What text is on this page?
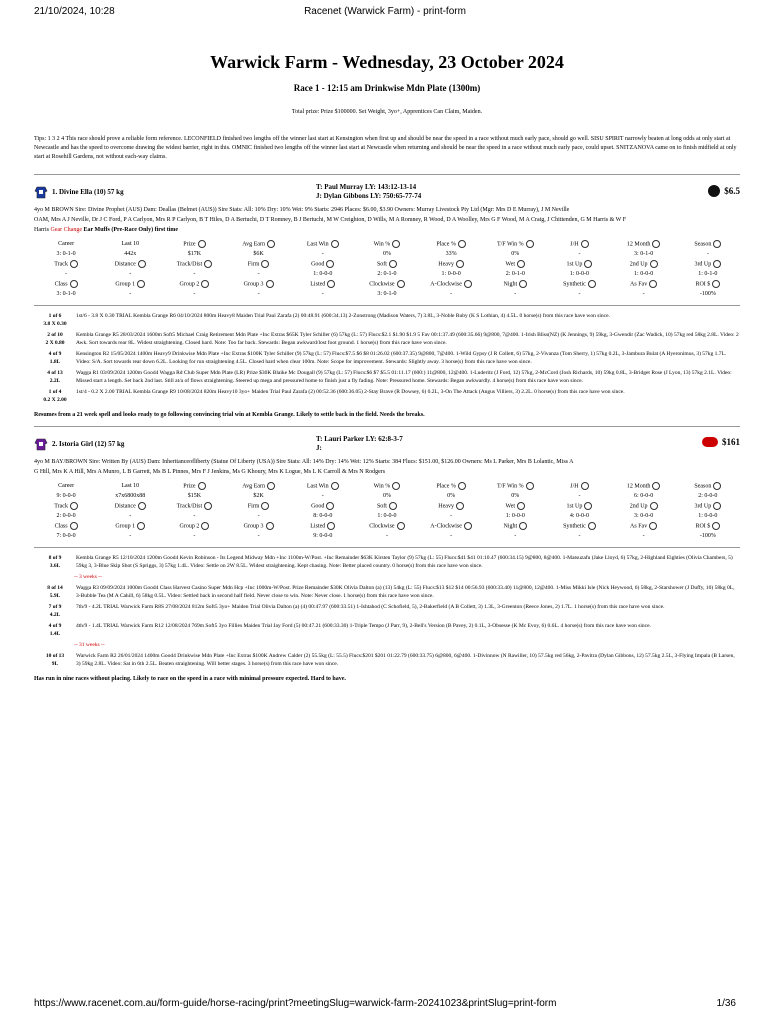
21/10/2024, 10:28	Racenet (Warwick Farm) - print-form
Warwick Farm - Wednesday, 23 October 2024
Race 1 - 12:15 am Drinkwise Mdn Plate (1300m)
Total prize: Prize $100000. Set Weight, 3yo+, Apprentices Can Claim, Maiden.
Tips: 1 3 2 4 This race should prove a reliable form reference. LECONFIELD finished two lengths off the winner last start at Kensington when first up and should be near the speed in a race without much early pace, should go well. SISU SPIRIT narrowly beaten at long odds at only start at Newcastle and has the speed to overcome drawing the widest barrier, right in this. OMNIC finished two lengths off the winner last start at Newcastle when returning and should be near the speed in a race without much early pace, could upset. SNITZANOVA came on to finish midfield at only start at Rosehill Gardens, not without each-way claims.
1. Divine Ella (10) 57 kg
T: Paul Murray LY: 143:12-13-14
J: Dylan Gibbons LY: 750:65-77-74	$6.5
4yo M BROWN Sire: Divine Prophet (AUS) Dam: Deallas (Belmet (AUS)) Sire Stats: All: 10% Dry: 10% Wet: 9% Starts: 2946 Places: $6.00, $3.90 Owners: Murray Livestock Pty Ltd (Mgr: Mrs D E Murray), J M Neville
OAM, Mrs A J Neville, Dr J C Ford, P A Carlyon, Mrs R P Carlyon, B T Hiles, D A Bertuchi, D T Romney, B J Bertuchi, M W Creighton, D Wills, M A Romney, R Wood, D A Woolley, Mrs G F Wood, M A Craig, J Chittenden, G M Harris & W F
Harris Gear Change Ear Muffs (Pre-Race Only) first time
Career	Last 10	Prize	Avg Earn	Last Win	Win %	Place %	T/F Win %	J/H	12 Month	Season
3: 0-1-0	442x	$17K	$6K	-	0%	33%	0%	-	3: 0-1-0	-
Track	Distance	Track/Dist	Firm	Good	Soft	Heavy	Wet	1st Up	2nd Up	3rd Up
-	-	-	-	1: 0-0-0	2: 0-1-0	1: 0-0-0	2: 0-1-0	1: 0-0-0	1: 0-0-0	1: 0-1-0
Class	Group 1	Group 2	Group 3	Listed	Clockwise	A-Clockwise	Night	Synthetic	As Fav	ROI $
3: 0-1-0	-	-	-	-	3: 0-1-0	-	-	-	-	-100%
1 of 6
3.8 X 0.30
1st/6 - 3.8 X 0.30 TRIAL Kembla Grange R6 04/10/2024 800m Heavy8 Maiden Trial Paul Zarafa (2) 00:48.91 (600:34.13) 2-Zonstrong (Madison Waters, 7) 3.8L, 3-Noble Ruby (K S Lothian, 4) 4.5L. 0 horse(s) from this race have won since.
2 of 10
2 X 0.80
Kembla Grange R5 28/03/2024 1600m Soft5 Michael Craig Retirement Mdn Plate +Inc Extras $65K Tyler Schiller (6) 57kg (L: 57) Flucs:$2.1 $1.90 $1.9 5 Fav 00:1:37.49 (600:35.66) 9@800, 7@400. 1-Irish Bliss(NZ) (K Jennings, 9) 59kg, 3-Gwendir (Zac Wadick, 10) 57kg red 58kg 2.8L. Video: 2 Awk. Sort towards rear 8L. Widest straightening. Closed hard. Note: Too far back. Stewards: Began awkward/lost foot ground. 1 horse(s) from this race have won since.
4 of 9
1.8L
Kensington R2 15/05/2024 1400m Heavy9 Drinkwise Mdn Plate +Inc Extras $100K Tyler Schiller (9) 57kg (L: 57) Flucs:$7.5 $6 $8 01:26.02 (600:37.35) 9@800, 7@400. 1-Wild Gypsy (J R Collett, 6) 57kg, 2-Vivanza (Tom Sherry, 1) 57kg 0.2L, 3-Jambura Bulat (A Hyeronimus, 3) 57kg 1.7L. Video: S/A. Sort towards rear down 6.2L. Looking for run straightening 4.5L. Closed hard when clear 100m. Note: Scope for improvement. Stewards: Slightly away. 3 horse(s) from this race have won since.
4 of 13
2.2L
Wagga R1 03/09/2024 1200m Good4 Wagga Rd Club Super Mdn Plate (LR) Prize $30K Blaike Mc Dougall (9) 57kg (L: 57) Flucs:$6 $7 $5.5 01:11.17 (600:) 11@800, 12@400. 1-Luderitz (J Ford, 12) 57kg, 2-McCord (Josh Richards, 10) 59kg 0.8L, 3-Bridget Rose (J Lyon, 13) 57kg 2.1L. Video: Missed start a length. Set back 2nd last. Still at/a of flows straightening. Steered up mega and pressured home to finish just a fly fading. Note: Pressured home. Stewards: Began awkwardly. 4 horse(s) from this race have won since.
1 of 4
0.2 X 2.00
1st/4 - 0.2 X 2.00 TRIAL Kembla Grange R9 10/08/2024 820m Heavy10 3yo+ Maiden Trial Paul Zarafa (2) 00:52.36 (600:36.05) 2-Stay Brave (R Dowsey, 6) 0.2L, 3-On The Attack (Angus Villiers, 3) 2.2L. 0 horse(s) from this race have won since.
Resumes from a 21 week spell and looks ready to go following convincing trial win at Kembla Grange. Likely to settle back in the field. Needs the breaks.
2. Istoria Girl (12) 57 kg
T: Lauri Parker LY: 62:8-3-7
J:
$161
4yo M BAY/BROWN Sire: Written By (AUS) Dam: Inheritanceofliberty (Statue Of Liberty (USA)) Sire Stats: All: 14% Dry: 14% Wet: 12% Starts: 384 Flucs: $151.00, $126.00 Owners: Ms L Parker, Mrs B Lolantic, Miss A
G Hill, Mrs K A Hill, Mrs A Munro, L B Garrett, Ms B L Pinnes, Mrs F J Jenkins, Ms G Khoury, Mrs K Logue, Ms L K Carroll & Mrs N Rodgers
Career	Last 10	Prize	Avg Earn	Last Win	Win %	Place %	T/F Win %	J/H	12 Month	Season
9: 0-0-0	x7x6800x88	$15K	$2K	-	0%	0%	0%	-	6: 0-0-0	2: 0-0-0
Track	Distance	Track/Dist	Firm	Good	Soft	Heavy	Wet	1st Up	2nd Up	3rd Up
2: 0-0-0	-	-	-	8: 0-0-0	1: 0-0-0	-	1: 0-0-0	4: 0-0-0	3: 0-0-0	1: 0-0-0
Class	Group 1	Group 2	Group 3	Listed	Clockwise	A-Clockwise	Night	Synthetic	As Fav	ROI $
7: 0-0-0	-	-	-	9: 0-0-0	-	-	-	-	-	-100%
8 of 9
3.6L
Kembla Grange R5 12/10/2024 1200m Good4 Kevin Robinson - Its Legend Midway Mdn +Inc 1100m-W/Post. +Inc Remainder $63K Kirsten Taylor (9) 57kg (L: 55) Flucs:$41 $41 01:10.47 (600:34.15) 9@800, 8@400. 1-Matsuzafu (Jake Lloyd, 6) 57kg, 2-Highland Eighties (Olivia Chambers, 5) 59kg 3, 3-Blue Skip Shot (S Spriggs, 3) 57kg 1.4L. Video: Settle on 2W 8.5L. Widest straightening. Kept chasing. Note: Better placed country. 0 horse(s) from this race have won since.
-- 3 weeks --
8 of 14
5.9L
Wagga R3 09/09/2024 1000m Good4 Class Harvest Casino Super Mdn Hcp +Inc 1000m-W/Post. Prize Remainder $30K Olivia Dalton (a) (13) 54kg (L: 55) Flucs:$13 $12 $14 00:56.93 (600:33.40) 11@800, 12@400. 1-Miss Mikki Isle (Nick Heywood, 6) 58kg, 2-Starshower (J Duffy, 10) 58kg 0L, 3-Bubble Tea (M A Cahill, 6) 58kg 0.5L. Video: Settled back in second half field. Never close to win. Note: Never close. 1 horse(s) from this race have won since.
7 of 9
4.2L
7th/9 - 4.2L TRIAL Warwick Farm R8S 27/08/2024 812m Soft5 3yo+ Maiden Trial Olivia Dalton (a) (4) 00:47.97 (600:33.51) 1-Ishtahod (C Schofield, 5), 2-Bakerfield (A B Collett, 3) 1.3L, 3-Greenton (Reece Jones, 2) 1.7L. 1 horse(s) from this race have won since.
4 of 9
1.4L
4th/9 - 1.4L TRIAL Warwick Farm R12 12/08/2024 769m Soft5 3yo Fillies Maiden Trial Jay Ford (5) 00:47.21 (600:33.30) 1-Triple Tempo (J Parr, 9), 2-Bell's Version (B Pavey, 2) 0.1L, 3-Obsesse (K Mc Evoy, 6) 0.6L. 4 horse(s) from this race have won since.
-- 31 weeks --
10 of 13
9L
Warwick Farm R2 26/01/2024 1400m Good4 Drinkwise Mdn Plate +Inc Extras $100K Andrew Calder (2) 55.5kg (L: 55.5) Flucs:$201 $201 01:22.79 (600:33.75) 6@800, 6@400. 1-Divinnow (N Rawiller, 10) 57.5kg red 56kg, 2-Pavitra (Dylan Gibbons, 12) 57.5kg 2.5L, 3-Flying Impala (B Larsen, 3) 59kg 2.8L. Video: Sat in 6th 2.5L. Beaten straightening. Will better stages. 3 horse(s) from this race have won since.
Has run in nine races without placing. Likely to race on the speed in a race with minimal pressure expected. Hard to have.
https://www.racenet.com.au/form-guide/horse-racing/print?meetingSlug=warwick-farm-20241023&printSlug=print-form	1/36
